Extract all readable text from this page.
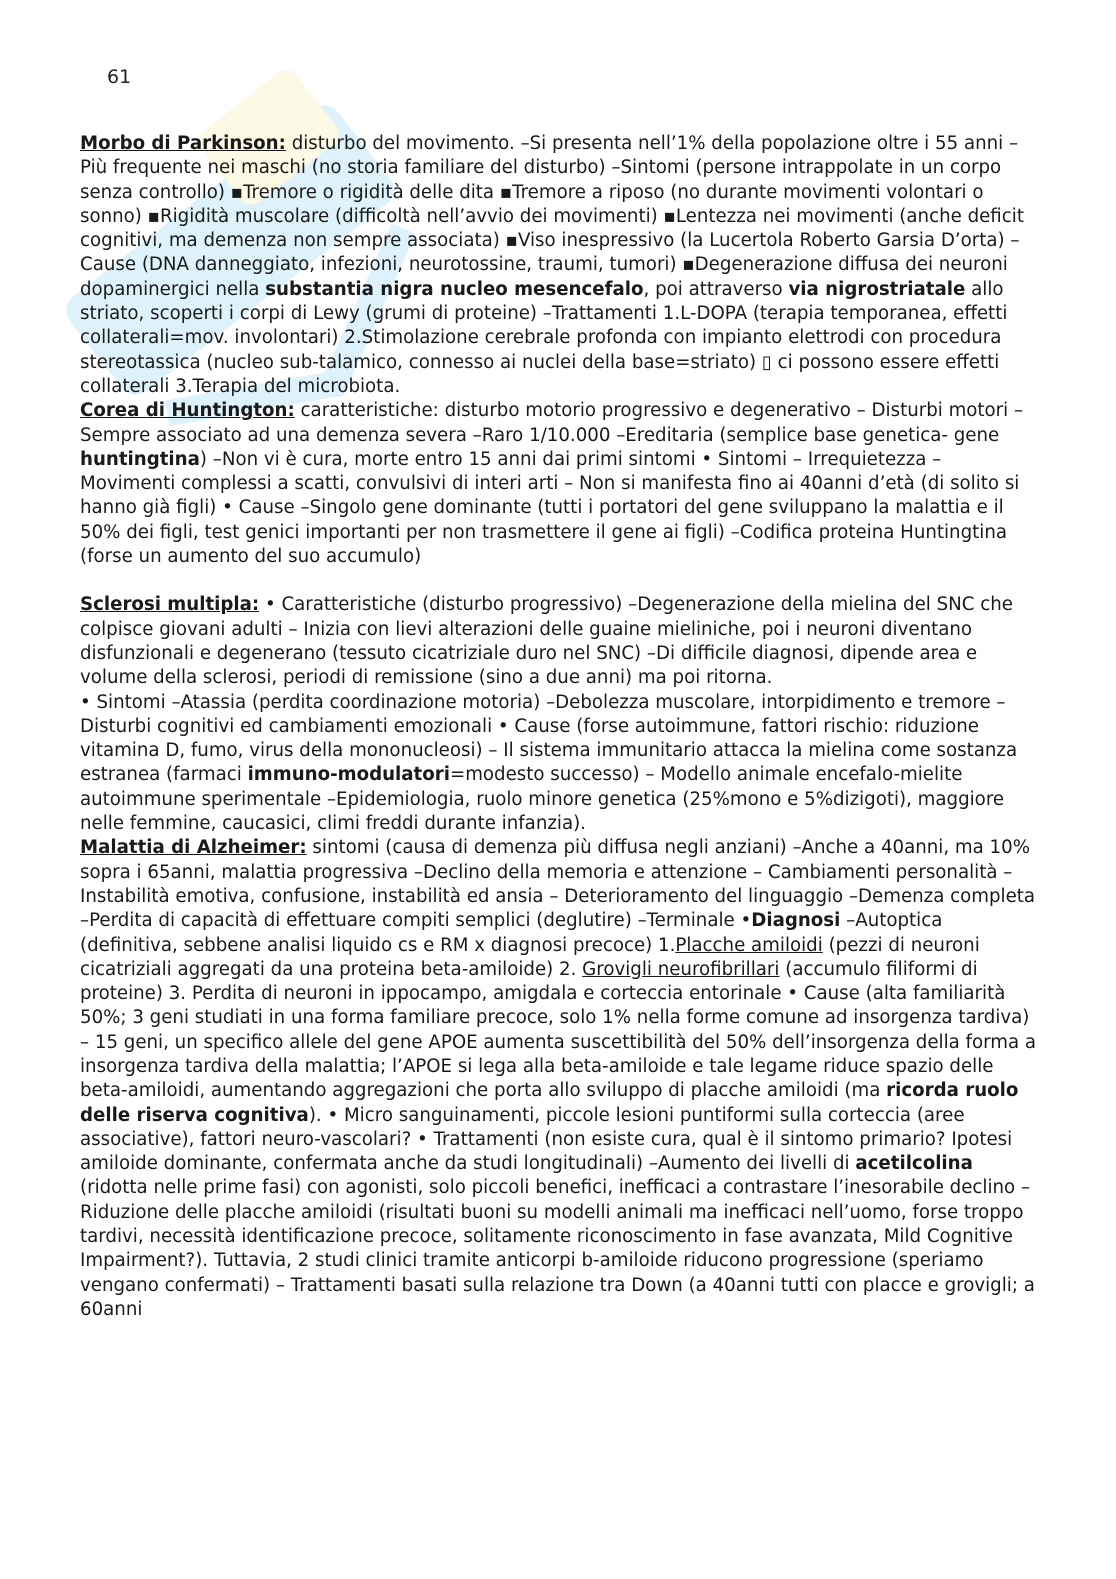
61

Morbo di Parkinson: disturbo del movimento. –Si presenta nell’1% della popolazione oltre i 55 anni –Più frequente nei maschi (no storia familiare del disturbo) –Sintomi (persone intrappolate in un corpo senza controllo) ▪Tremore o rigidità delle dita ▪Tremore a riposo (no durante movimenti volontari o sonno) ▪Rigidità muscolare (difficoltà nell’avvio dei movimenti) ▪Lentezza nei movimenti (anche deficit cognitivi, ma demenza non sempre associata) ▪Viso inespressivo (la Lucertola Roberto Garsia D’orta) –Cause (DNA danneggiato, infezioni, neurotossine, traumi, tumori) ▪Degenerazione diffusa dei neuroni dopaminergici nella substantia nigra nucleo mesencefalo, poi attraverso via nigrostriatale allo striato, scoperti i corpi di Lewy (grumi di proteine) –Trattamenti 1.L-DOPA (terapia temporanea, effetti collaterali=mov. involontari) 2.Stimolazione cerebrale profonda con impianto elettrodi con procedura stereotassica (nucleo sub-talamico, connesso ai nuclei della base=striato) ▯ ci possono essere effetti collaterali 3.Terapia del microbiota.

Corea di Huntington: caratteristiche: disturbo motorio progressivo e degenerativo – Disturbi motori –Sempre associato ad una demenza severa –Raro 1/10.000 –Ereditaria (semplice base genetica- gene huntingtina) –Non vi è cura, morte entro 15 anni dai primi sintomi • Sintomi – Irrequietezza – Movimenti complessi a scatti, convulsivi di interi arti – Non si manifesta fino ai 40anni d’età (di solito si hanno già figli) • Cause –Singolo gene dominante (tutti i portatori del gene sviluppano la malattia e il 50% dei figli, test genici importanti per non trasmettere il gene ai figli) –Codifica proteina Huntingtina (forse un aumento del suo accumulo)

Sclerosi multipla: • Caratteristiche (disturbo progressivo) –Degenerazione della mielina del SNC che colpisce giovani adulti – Inizia con lievi alterazioni delle guaine mieliniche, poi i neuroni diventano disfunzionali e degenerano (tessuto cicatriziale duro nel SNC) –Di difficile diagnosi, dipende area e volume della sclerosi, periodi di remissione (sino a due anni) ma poi ritorna.

• Sintomi –Atassia (perdita coordinazione motoria) –Debolezza muscolare, intorpidimento e tremore –Disturbi cognitivi ed cambiamenti emozionali • Cause (forse autoimmune, fattori rischio: riduzione vitamina D, fumo, virus della mononucleosi) – Il sistema immunitario attacca la mielina come sostanza estranea (farmaci immuno-modulatori=modesto successo) – Modello animale encefalo-mielite autoimmune sperimentale –Epidemiologia, ruolo minore genetica (25%mono e 5%dizigoti), maggiore nelle femmine, caucasici, climi freddi durante infanzia).

Malattia di Alzheimer: sintomi (causa di demenza più diffusa negli anziani) –Anche a 40anni, ma 10% sopra i 65anni, malattia progressiva –Declino della memoria e attenzione – Cambiamenti personalità – Instabilità emotiva, confusione, instabilità ed ansia – Deterioramento del linguaggio –Demenza completa –Perdita di capacità di effettuare compiti semplici (deglutire) –Terminale •Diagnosi –Autoptica (definitiva, sebbene analisi liquido cs e RM x diagnosi precoce) 1.Placche amiloidi (pezzi di neuroni cicatriziali aggregati da una proteina beta-amiloide) 2. Grovigli neurofibrillari (accumulo filiformi di proteine) 3. Perdita di neuroni in ippocampo, amigdala e corteccia entorinale • Cause (alta familiarità 50%; 3 geni studiati in una forma familiare precoce, solo 1% nella forme comune ad insorgenza tardiva) – 15 geni, un specifico allele del gene APOE aumenta suscettibilità del 50% dell’insorgenza della forma a insorgenza tardiva della malattia; l’APOE si lega alla beta-amiloide e tale legame riduce spazio delle beta-amiloidi, aumentando aggregazioni che porta allo sviluppo di placche amiloidi (ma ricorda ruolo delle riserva cognitiva). • Micro sanguinamenti, piccole lesioni puntiformi sulla corteccia (aree associative), fattori neuro-vascolari? • Trattamenti (non esiste cura, qual è il sintomo primario? Ipotesi amiloide dominante, confermata anche da studi longitudinali) –Aumento dei livelli di acetilcolina (ridotta nelle prime fasi) con agonisti, solo piccoli benefici, inefficaci a contrastare l’inesorabile declino –Riduzione delle placche amiloidi (risultati buoni su modelli animali ma inefficaci nell’uomo, forse troppo tardivi, necessità identificazione precoce, solitamente riconoscimento in fase avanzata, Mild Cognitive Impairment?). Tuttavia, 2 studi clinici tramite anticorpi b-amiloide riducono progressione (speriamo vengano confermati) – Trattamenti basati sulla relazione tra Down (a 40anni tutti con placce e grovigli; a 60anni
